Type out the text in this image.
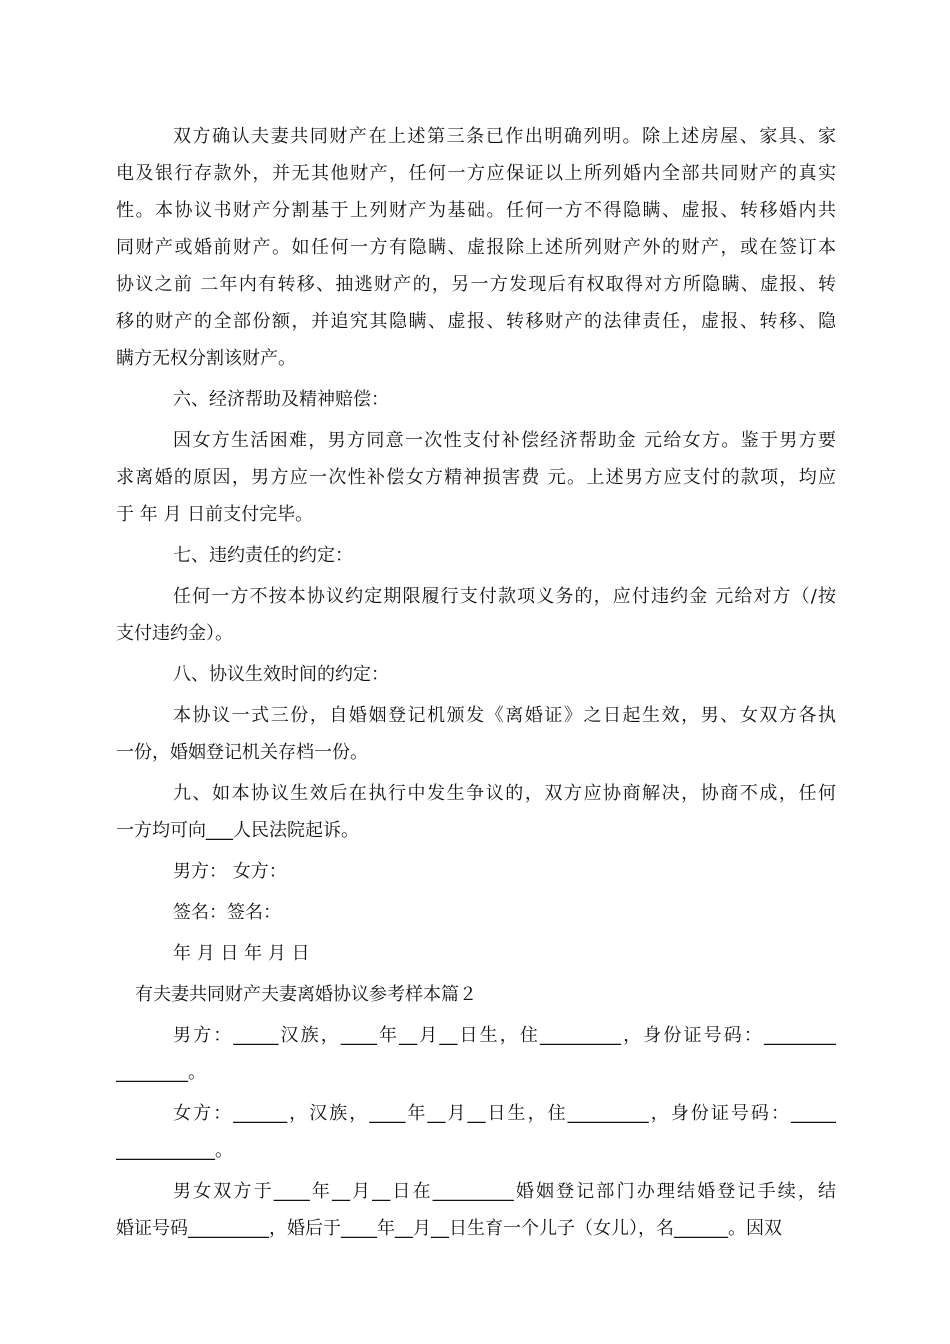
双方确认夫妻共同财产在上述第三条已作出明确列明。除上述房屋、家具、家
电及银行存款外，并无其他财产，任何一方应保证以上所列婚内全部共同财产的真实
性。本协议书财产分割基于上列财产为基础。任何一方不得隐瞒、虚报、转移婚内共
同财产或婚前财产。如任何一方有隐瞒、虚报除上述所列财产外的财产，或在签订本
协议之前 二年内有转移、抽逃财产的，另一方发现后有权取得对方所隐瞒、虚报、转
移的财产的全部份额，并追究其隐瞒、虚报、转移财产的法律责任，虚报、转移、隐
瞒方无权分割该财产。
六、经济帮助及精神赔偿：
因女方生活困难，男方同意一次性支付补偿经济帮助金 元给女方。鉴于男方要
求离婚的原因，男方应一次性补偿女方精神损害费 元。上述男方应支付的款项，均应
于 年 月 日前支付完毕。
七、违约责任的约定：
任何一方不按本协议约定期限履行支付款项义务的，应付违约金 元给对方（/按
支付违约金）。
八、协议生效时间的约定：
本协议一式三份，自婚姻登记机颁发《离婚证》之日起生效，男、女双方各执
一份，婚姻登记机关存档一份。
九、如本协议生效后在执行中发生争议的，双方应协商解决，协商不成，任何
一方均可向___人民法院起诉。
男方： 女方：
签名：签名：
年 月 日 年 月 日
有夫妻共同财产夫妻离婚协议参考样本篇２
男方：_____汉族，____年__月__日生，住_________，身份证号码：________
________。
女方：______，汉族，____年__月__日生，住_________，身份证号码：_____
___________。
男女双方于____年__月__日在_________婚姻登记部门办理结婚登记手续，结
婚证号码_________，婚后于____年__月__日生育一个儿子（女儿），名______。因双
